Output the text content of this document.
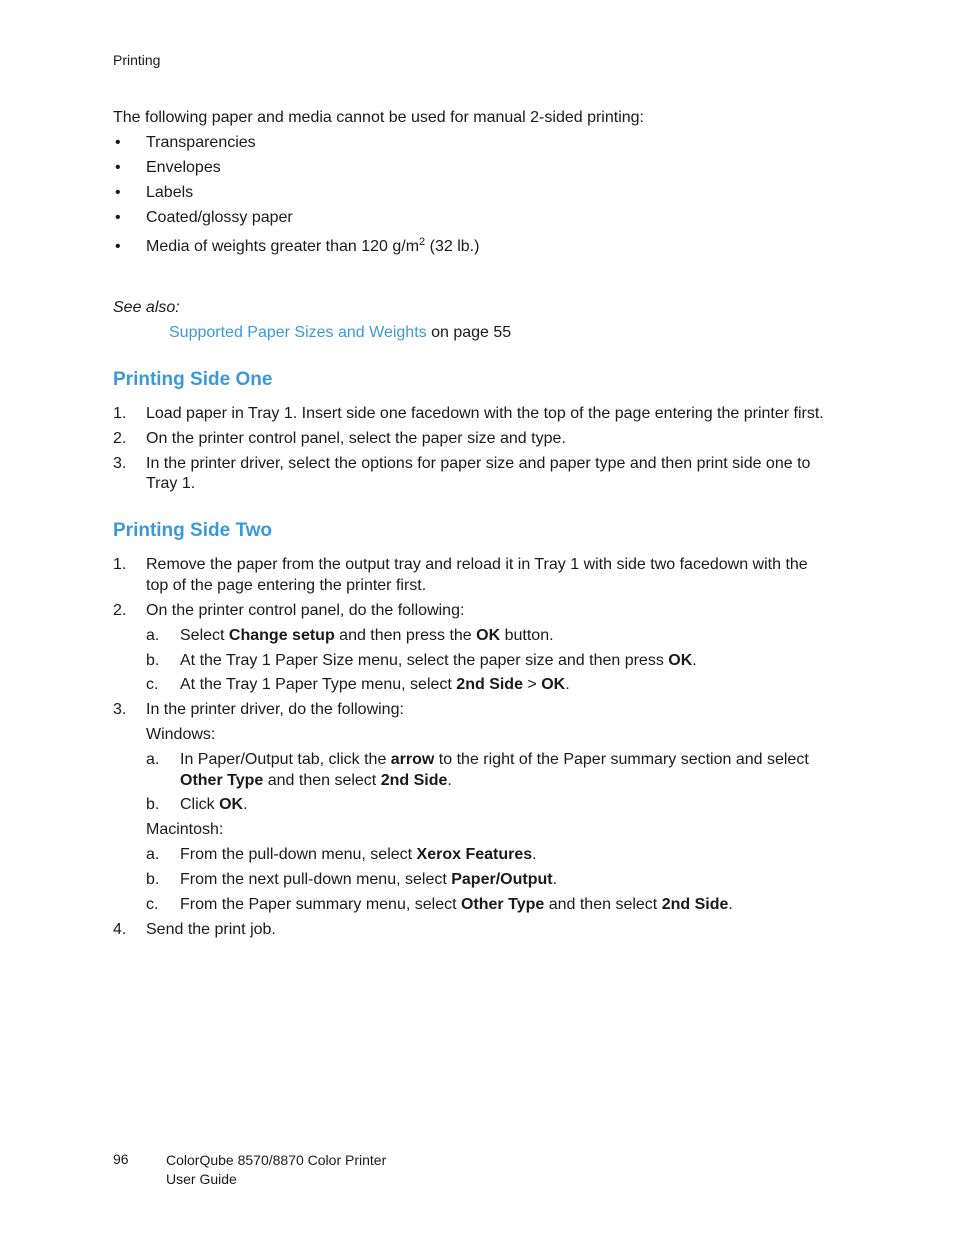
Printing
The following paper and media cannot be used for manual 2-sided printing:
• Transparencies
• Envelopes
• Labels
• Coated/glossy paper
• Media of weights greater than 120 $g/m^2$ (32 lb.)
See also:
Supported Paper Sizes and Weights on page 55
Printing Side One
1. Load paper in Tray 1. Insert side one facedown with the top of the page entering the printer first.
2. On the printer control panel, select the paper size and type.
3. In the printer driver, select the options for paper size and paper type and then print side one to
Tray 1.
Printing Side Two
1. Remove the paper from the output tray and reload it in Tray 1 with side two facedown with the
top of the page entering the printer first.
2. On the printer control panel, do the following:
a. Select Change setup and then press the OK button.
b. At the Tray 1 Paper Size menu, select the paper size and then press OK.
c. At the Tray 1 Paper Type menu, select 2nd Side > OK.
3. In the printer driver, do the following:
Windows:
a. In Paper/Output tab, click the arrow to the right of the Paper summary section and select
Other Type and then select 2nd Side.
b. Click OK.
Macintosh:
a. From the pull-down menu, select Xerox Features.
b. From the next pull-down menu, select Paper/Output.
c. From the Paper summary menu, select Other Type and then select 2nd Side.
4. Send the print job.
96	ColorQube 8570/8870 Color Printer
User Guide
